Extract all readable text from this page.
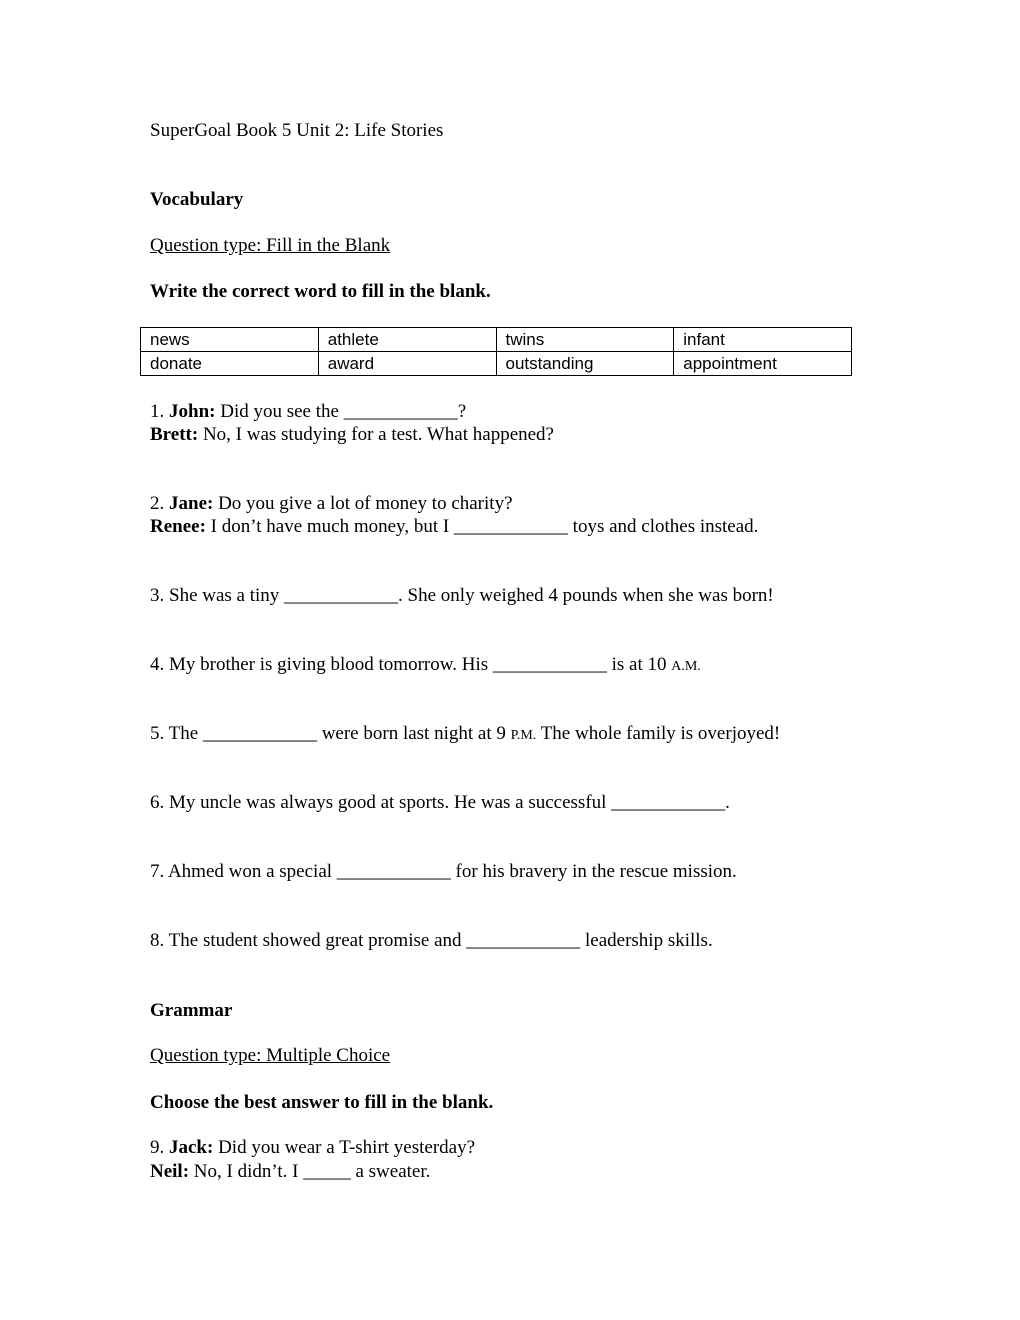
SuperGoal Book 5 Unit 2: Life Stories
Vocabulary
Question type: Fill in the Blank
Write the correct word to fill in the blank.
news	athlete	twins	infant
donate	award	outstanding	appointment
1. John: Did you see the ____________?
Brett: No, I was studying for a test. What happened?
2. Jane: Do you give a lot of money to charity?
Renee: I don’t have much money, but I ____________ toys and clothes instead.
3. She was a tiny ____________. She only weighed 4 pounds when she was born!
4. My brother is giving blood tomorrow. His ____________ is at 10 A.M.
5. The ____________ were born last night at 9 P.M. The whole family is overjoyed!
6. My uncle was always good at sports. He was a successful ____________.
7. Ahmed won a special ____________ for his bravery in the rescue mission.
8. The student showed great promise and ____________ leadership skills.
Grammar
Question type: Multiple Choice
Choose the best answer to fill in the blank.
9. Jack: Did you wear a T-shirt yesterday?
Neil: No, I didn’t. I _____ a sweater.
